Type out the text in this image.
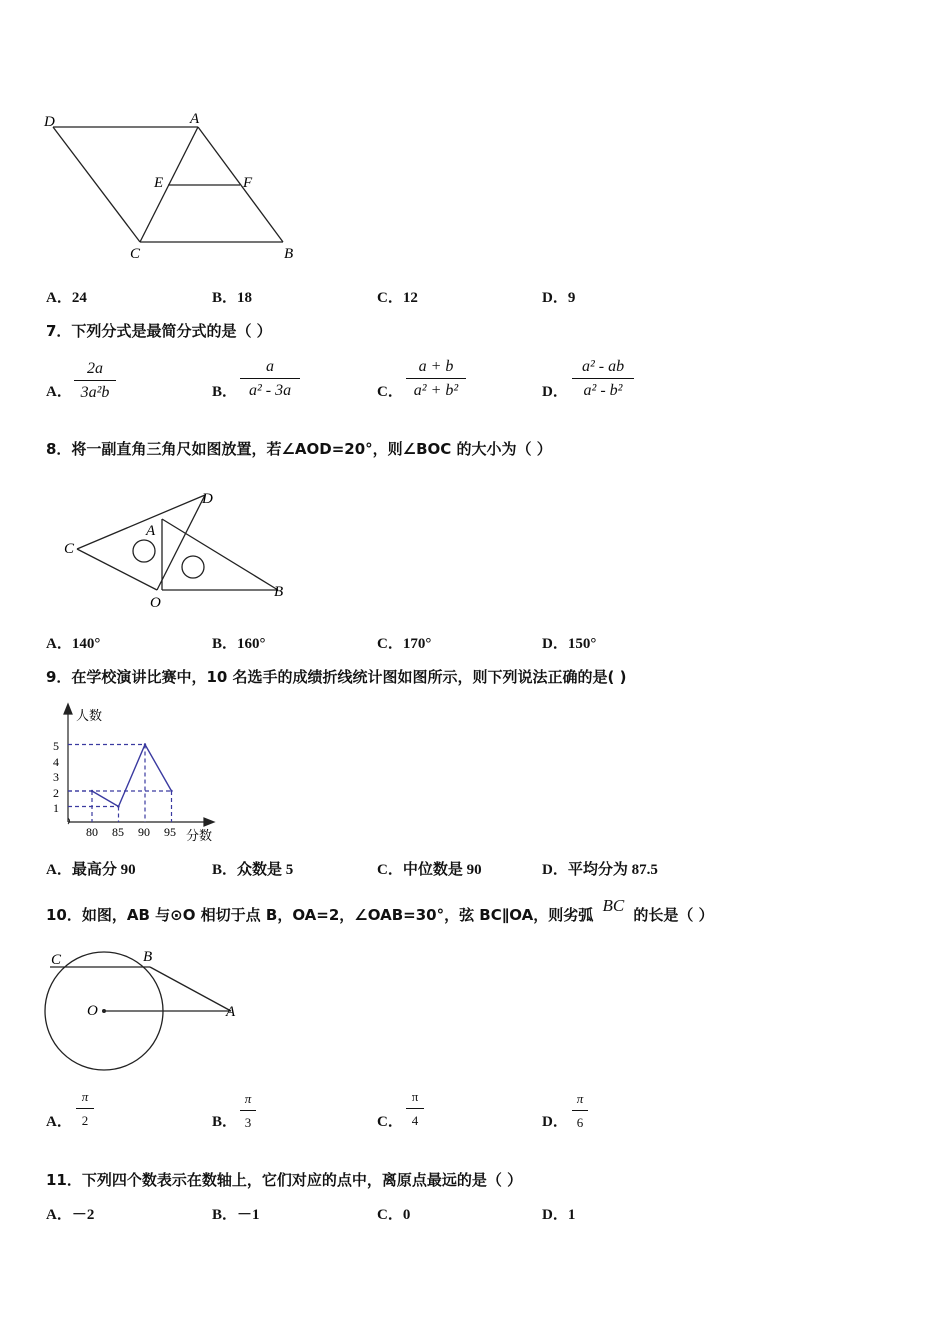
D	A
E	F
C	B
A．24	B．18	C．12	D．9
7．下列分式是最简分式的是（ ）
A．
2a
3a²b	B．
a
a² - 3a	C．
a + b
a² + b²	D．
a² - ab
a² - b²
8．将一副直角三角尺如图放置，若∠AOD=20°，则∠BOC 的大小为（ ）
C
A
D
O
B
A．140°	B．160°	C．170°	D．150°
9．在学校演讲比赛中，10 名选手的成绩折线统计图如图所示，则下列说法正确的是( )
人数
分数
1
2
3
4
5
80 85 90 95
A．最高分 90	B．众数是 5	C．中位数是 90	D．平均分为 87.5
10．如图，AB 与⊙O 相切于点 B，OA=2，∠OAB=30°，弦 BC∥OA，则劣弧 BC 的长是（ ）
C	B
O	A
A．
π
2	B．
π
3	C．
π
4	D．
π
6
11．下列四个数表示在数轴上，它们对应的点中，离原点最远的是（ ）
A．－2	B．－1	C．0	D．1
